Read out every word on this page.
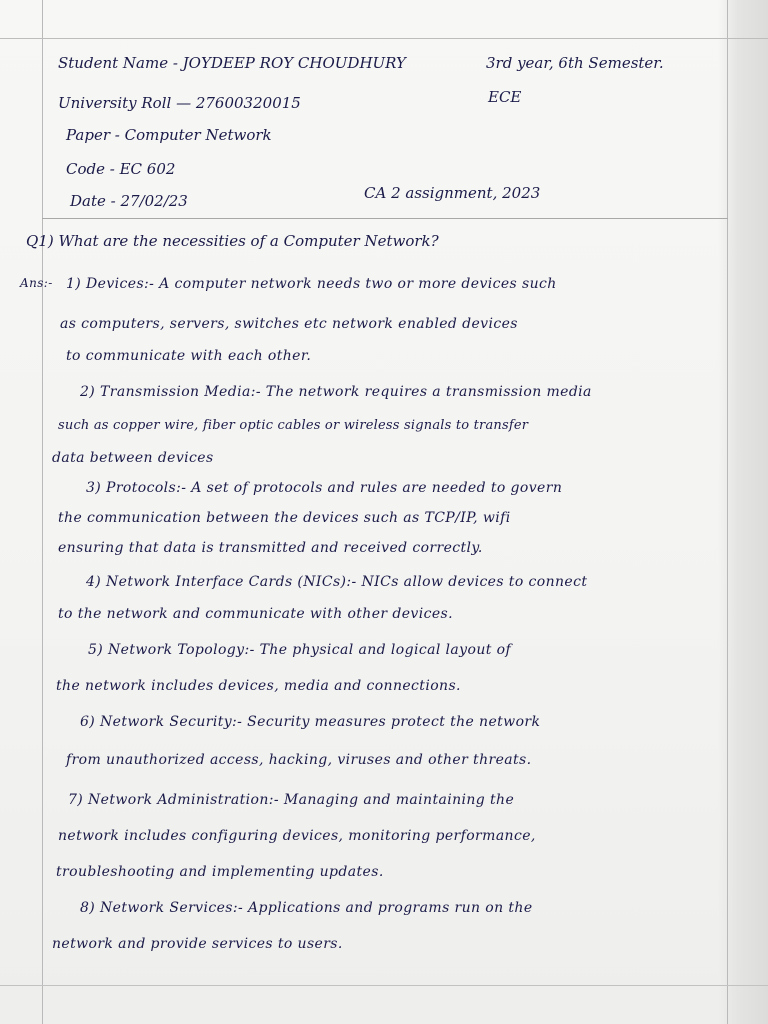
Student Name - JOYDEEP ROY CHOUDHURY	3rd year, 6th Semester.
University Roll — 27600320015	ECE
Paper - Computer Network
Code - EC 602
Date - 27/02/23	CA 2 assignment, 2023
Q1) What are the necessities of a Computer Network?
Ans:- 1) Devices:- A computer network needs two or more devices such
as computers, servers, switches etc network enabled devices
to communicate with each other.
2) Transmission Media:- The network requires a transmission media
such as copper wire, fiber optic cables or wireless signals to transfer
data between devices
3) Protocols:- A set of protocols and rules are needed to govern
the communication between the devices such as TCP/IP, wifi
ensuring that data is transmitted and received correctly.
4) Network Interface Cards (NICs):- NICs allow devices to connect
to the network and communicate with other devices.
5) Network Topology:- The physical and logical layout of
the network includes devices, media and connections.
6) Network Security:- Security measures protect the network
from unauthorized access, hacking, viruses and other threats.
7) Network Administration:- Managing and maintaining the
network includes configuring devices, monitoring performance,
troubleshooting and implementing updates.
8) Network Services:- Applications and programs run on the
network and provide services to users.
